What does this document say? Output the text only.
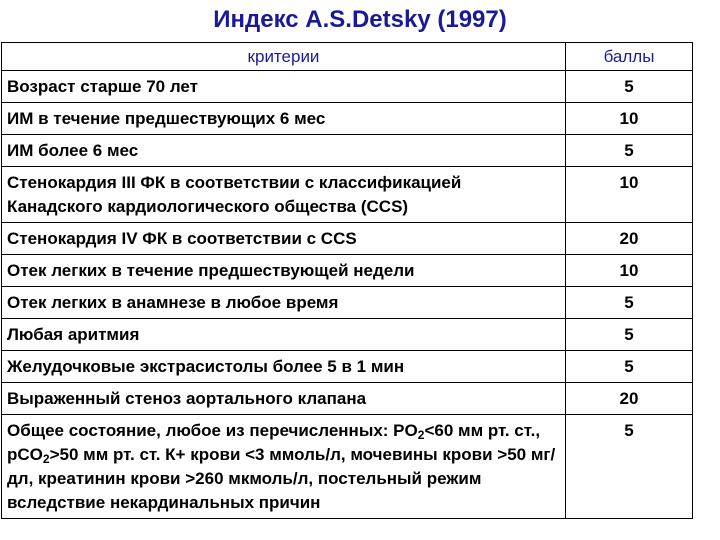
Индекс A.S.Detsky (1997)
критерии	баллы
Возраст старше 70 лет	5
ИМ в течение предшествующих 6 мес	10
ИМ более 6 мес	5
Стенокардия III ФК в соответствии с классификацией Канадского кардиологического общества (CCS)	10
Стенокардия IV ФК в соответствии с CCS	20
Отек легких в течение предшествующей недели	10
Отек легких в анамнезе в любое время	5
Любая аритмия	5
Желудочковые экстрасистолы более 5 в 1 мин	5
Выраженный стеноз аортального клапана	20
Общее состояние, любое из перечисленных: $PO_2<60$ мм рт. ст., pCO$_2$>50 мм рт. ст. К+ крови <3 ммоль/л, мочевины крови >50 мг/дл, креатинин крови >260 мкмоль/л, постельный режим вследствие некардинальных причин	5
